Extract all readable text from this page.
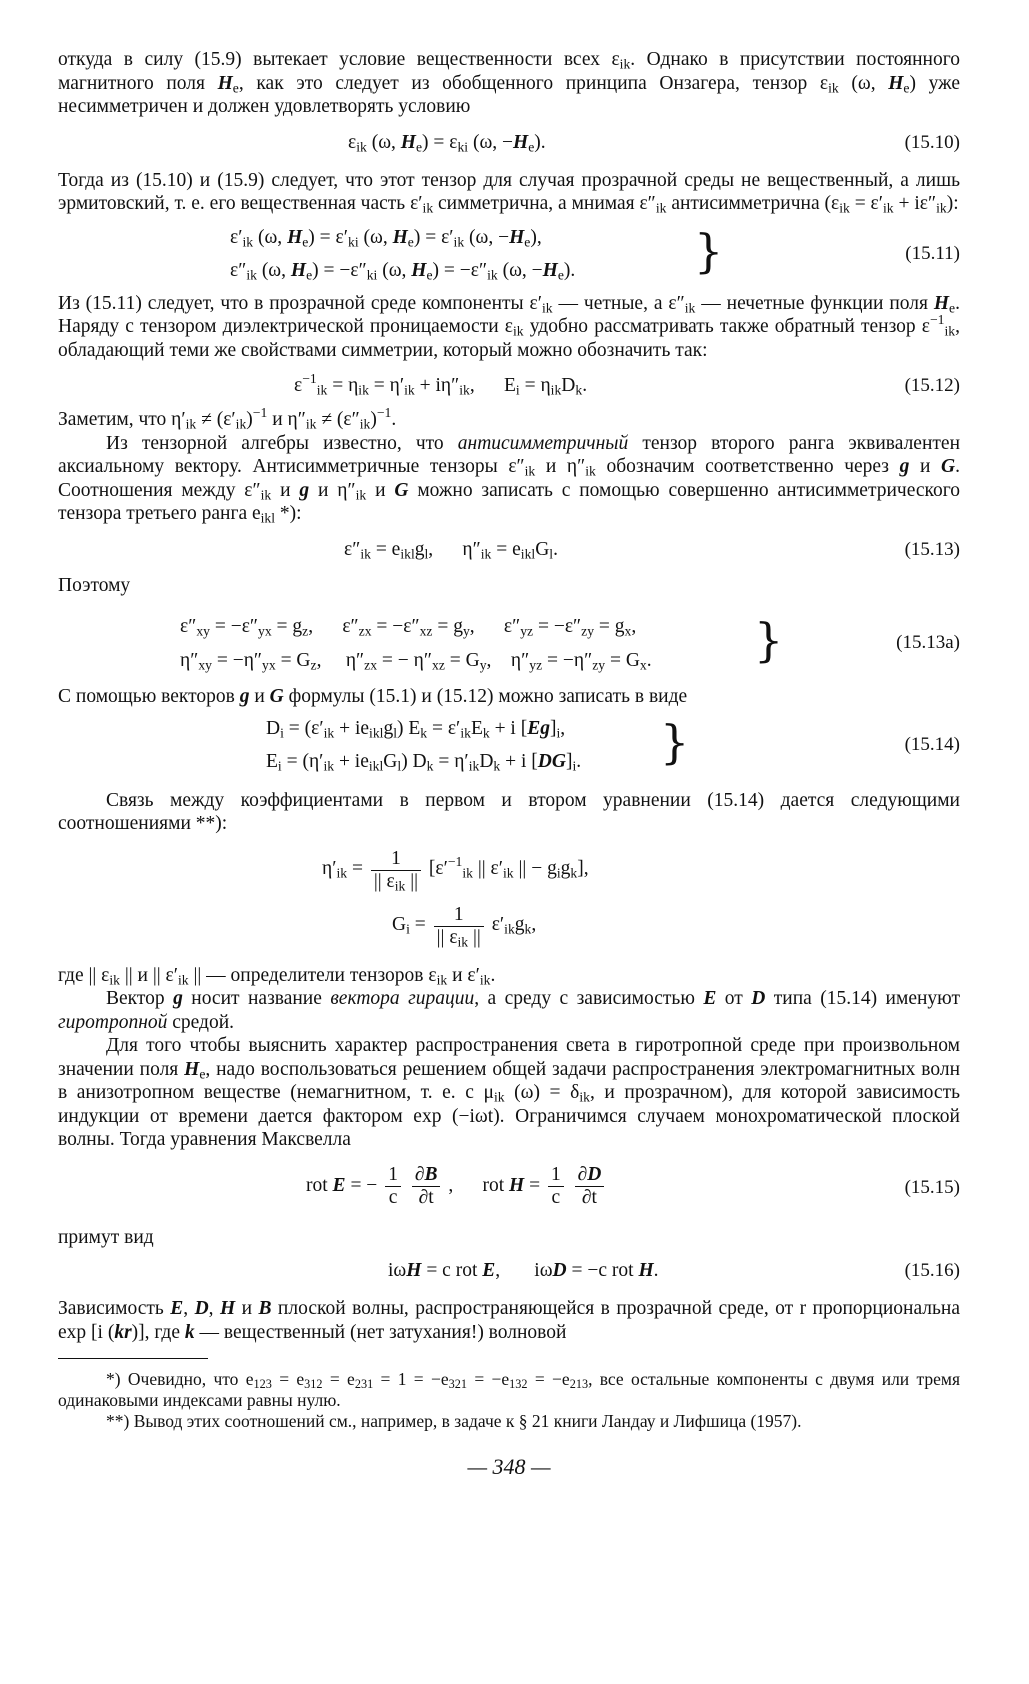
откуда в силу (15.9) вытекает условие вещественности всех $\varepsilon_{ik}$. Однако в присутствии постоянного магнитного поля $H_e$, как это следует из обобщенного принципа Онзагера, тензор $\varepsilon_{ik}$ (ω, $H_e$) уже несимметричен и должен удовлетворять условию

$\varepsilon_{ik}$ (ω, $H_e) = \varepsilon_{ki}$ (ω, $-H_e$).	(15.10)

Тогда из (15.10) и (15.9) следует, что этот тензор для случая прозрачной среды не вещественный, а лишь эрмитовский, т. е. его вещественная часть $\varepsilon'_{ik}$ симметрична, а мнимая $\varepsilon''_{ik}$ антисимметрична $(\varepsilon_{ik} = \varepsilon'_{ik} + i\varepsilon''_{ik})$:

$\varepsilon'_{ik}$ (ω, $H_e) = \varepsilon'_{ki}$ (ω, $H_e) = \varepsilon'_{ik}$ (ω, $-H_e$),
$\varepsilon''_{ik}$ (ω, $H_e) = -\varepsilon''_{ki}$ (ω, $H_e) = -\varepsilon''_{ik}$ (ω, $-H_e$).	}	(15.11)

Из (15.11) следует, что в прозрачной среде компоненты $\varepsilon'_{ik}$ — четные, а $\varepsilon''_{ik}$ — нечетные функции поля $H_e$. Наряду с тензором диэлектрической проницаемости $\varepsilon_{ik}$ удобно рассматривать также обратный тензор $\varepsilon^{-1}_{ik}$, обладающий теми же свойствами симметрии, который можно обозначить так:

$\varepsilon^{-1}_{ik} = \eta_{ik} = \eta'_{ik} + i\eta''_{ik}$,      $E_i = \eta_{ik}D_k$.	(15.12)

Заметим, что $\eta'_{ik} \ne (\varepsilon'_{ik})^{-1}$ и $\eta''_{ik} \ne (\varepsilon''_{ik})^{-1}$.

Из тензорной алгебры известно, что антисимметричный тензор второго ранга эквивалентен аксиальному вектору. Антисимметричные тензоры $\varepsilon''_{ik}$ и $\eta''_{ik}$ обозначим соответственно через g и G. Соотношения между $\varepsilon''_{ik}$ и g и $\eta''_{ik}$ и G можно записать с помощью совершенно антисимметрического тензора третьего ранга $e_{ikl}$ *):

$\varepsilon''_{ik} = e_{ikl}g_l$,      $\eta''_{ik} = e_{ikl}G_l$.	(15.13)

Поэтому

$\varepsilon''_{xy} = -\varepsilon''_{yx} = g_z$,      $\varepsilon''_{zx} = -\varepsilon''_{xz} = g_y$,      $\varepsilon''_{yz} = -\varepsilon''_{zy} = g_x$,
$\eta''_{xy} = -\eta''_{yx} = G_z$,     $\eta''_{zx}$ = − $\eta''_{xz} = G_y$,    $\eta''_{yz} = -\eta''_{zy} = G_x$. }	(15.13а)

С помощью векторов g и G формулы (15.1) и (15.12) можно записать в виде

$D_i = (\varepsilon'_{ik} + ie_{ikl}g_l) E_k = \varepsilon'_{ik}E_k + i$ $[Eg]_i$,
$E_i = (\eta'_{ik} + ie_{ikl}G_l) D_k = \eta'_{ik}D_k + i$ $[DG]_i$. }	(15.14)

Связь между коэффициентами в первом и втором уравнении (15.14) дается следующими соотношениями **):

$\eta'_{ik} = \frac{1}{|| \varepsilon_{ik} ||} [\varepsilon'^{-1}_{ik}$ || $\varepsilon'_{ik}$ || − $g_ig_k$],
$G_i = \frac{1}{|| \varepsilon_{ik} ||} \varepsilon'_{ik}g_k$,

где || $\varepsilon_{ik}$ || и || $\varepsilon'_{ik}$ || — определители тензоров $\varepsilon_{ik}$ и $\varepsilon'_{ik}$.

Вектор g носит название вектора гирации, а среду с зависимостью E от D типа (15.14) именуют гиротропной средой.

Для того чтобы выяснить характер распространения света в гиротропной среде при произвольном значении поля $H_e$, надо воспользоваться решением общей задачи распространения электромагнитных волн в анизотропном веществе (немагнитном, т. е. с $\mu_{ik}$ $(\omega) = \delta_{ik}$, и прозрачном), для которой зависимость индукции от времени дается фактором exp (−iωt). Ограничимся случаем монохроматической плоской волны. Тогда уравнения Максвелла

rot E = − $\frac{1}{c}$
$\frac{\partial B}{\partial t}$ ,      rot $H = \frac{1}{c}$
$\frac{\partial D}{\partial t}$	(15.15)

примут вид

iωH = c rot E,       iωD = −c rot H.	(15.16)

Зависимость E, D, H и B плоской волны, распространяющейся в прозрачной среде, от r пропорциональна exp [i (kr)], где k — вещественный (нет затухания!) волновой

*) Очевидно, что $e_{123} = e_{312} = e_{231} = 1 = -e_{321} = -e_{132} = -e_{213}$, все остальные компоненты с двумя или тремя одинаковыми индексами равны нулю.

**) Вывод этих соотношений см., например, в задаче к § 21 книги Ландау и Лифшица (1957).

— 348 —
